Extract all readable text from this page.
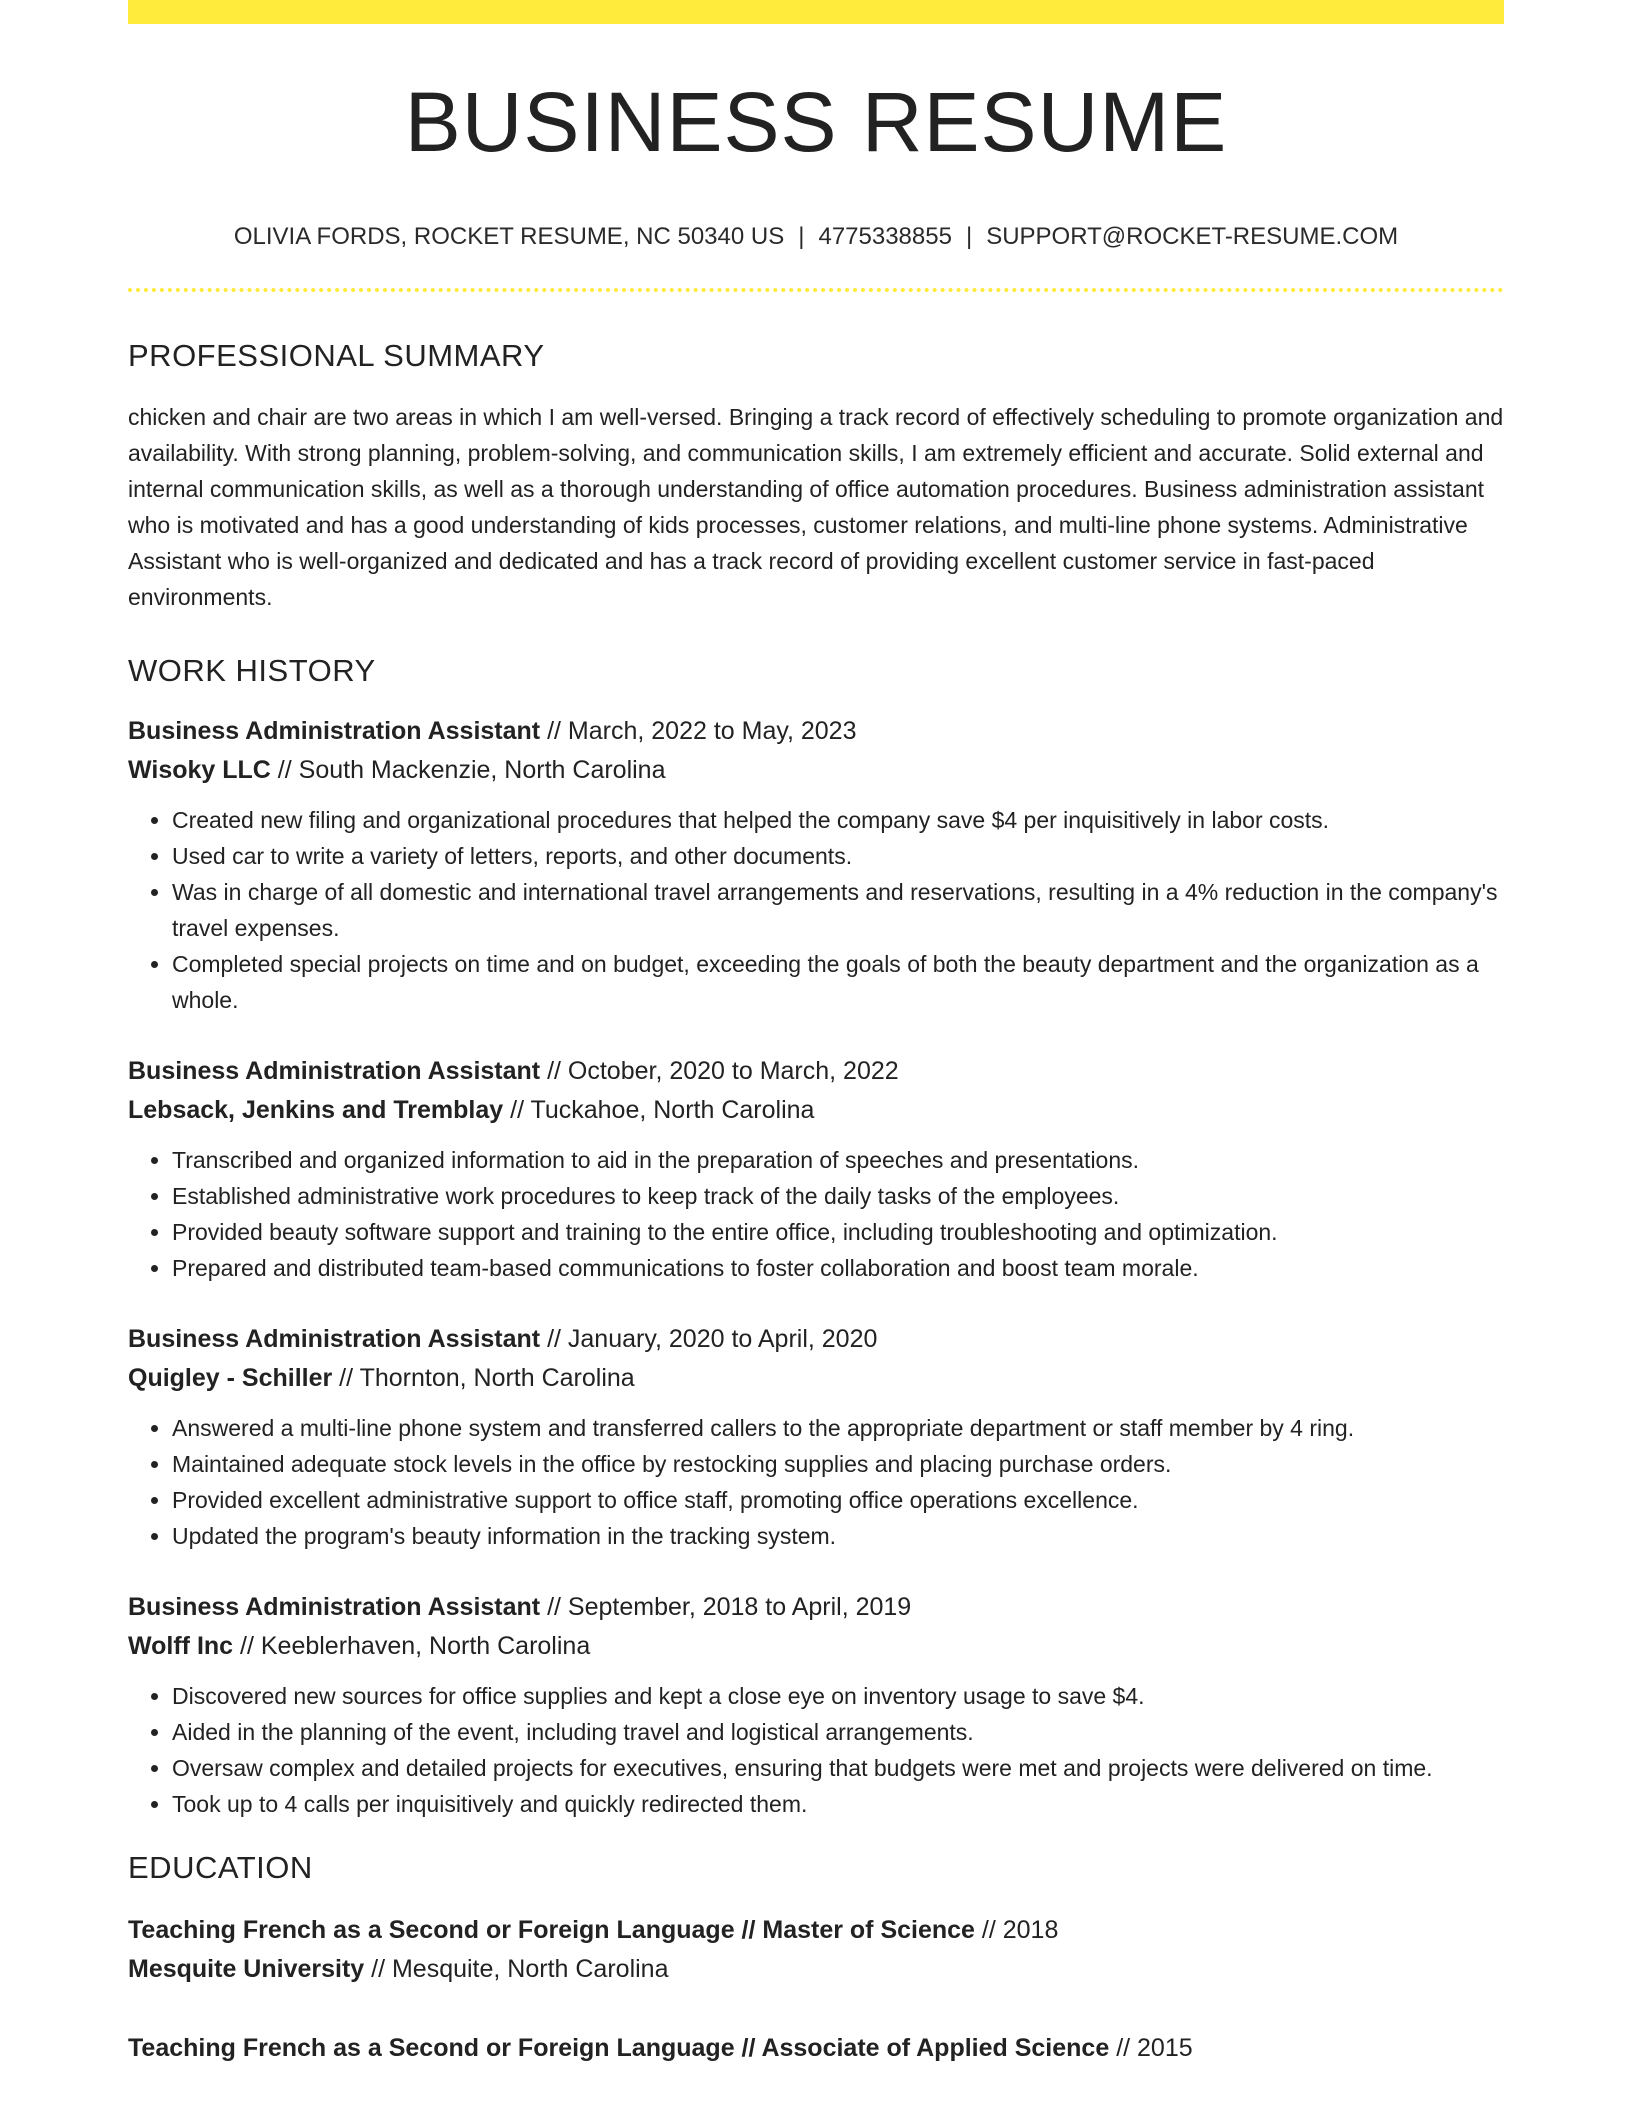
BUSINESS RESUME
OLIVIA FORDS, ROCKET RESUME, NC 50340 US | 4775338855 | SUPPORT@ROCKET-RESUME.COM
PROFESSIONAL SUMMARY

chicken and chair are two areas in which I am well-versed. Bringing a track record of effectively scheduling to promote organization and availability. With strong planning, problem-solving, and communication skills, I am extremely efficient and accurate. Solid external and internal communication skills, as well as a thorough understanding of office automation procedures. Business administration assistant who is motivated and has a good understanding of kids processes, customer relations, and multi-line phone systems. Administrative Assistant who is well-organized and dedicated and has a track record of providing excellent customer service in fast-paced environments.

WORK HISTORY
Business Administration Assistant // March, 2022 to May, 2023
Wisoky LLC // South Mackenzie, North Carolina
• Created new filing and organizational procedures that helped the company save $4 per inquisitively in labor costs.
• Used car to write a variety of letters, reports, and other documents.
• Was in charge of all domestic and international travel arrangements and reservations, resulting in a 4% reduction in the company's travel expenses.
• Completed special projects on time and on budget, exceeding the goals of both the beauty department and the organization as a whole.
Business Administration Assistant // October, 2020 to March, 2022
Lebsack, Jenkins and Tremblay // Tuckahoe, North Carolina
• Transcribed and organized information to aid in the preparation of speeches and presentations.
• Established administrative work procedures to keep track of the daily tasks of the employees.
• Provided beauty software support and training to the entire office, including troubleshooting and optimization.
• Prepared and distributed team-based communications to foster collaboration and boost team morale.
Business Administration Assistant // January, 2020 to April, 2020
Quigley - Schiller // Thornton, North Carolina
• Answered a multi-line phone system and transferred callers to the appropriate department or staff member by 4 ring.
• Maintained adequate stock levels in the office by restocking supplies and placing purchase orders.
• Provided excellent administrative support to office staff, promoting office operations excellence.
• Updated the program's beauty information in the tracking system.
Business Administration Assistant // September, 2018 to April, 2019
Wolff Inc // Keeblerhaven, North Carolina
• Discovered new sources for office supplies and kept a close eye on inventory usage to save $4.
• Aided in the planning of the event, including travel and logistical arrangements.
• Oversaw complex and detailed projects for executives, ensuring that budgets were met and projects were delivered on time.
• Took up to 4 calls per inquisitively and quickly redirected them.
EDUCATION
Teaching French as a Second or Foreign Language // Master of Science // 2018
Mesquite University // Mesquite, North Carolina
Teaching French as a Second or Foreign Language // Associate of Applied Science // 2015
